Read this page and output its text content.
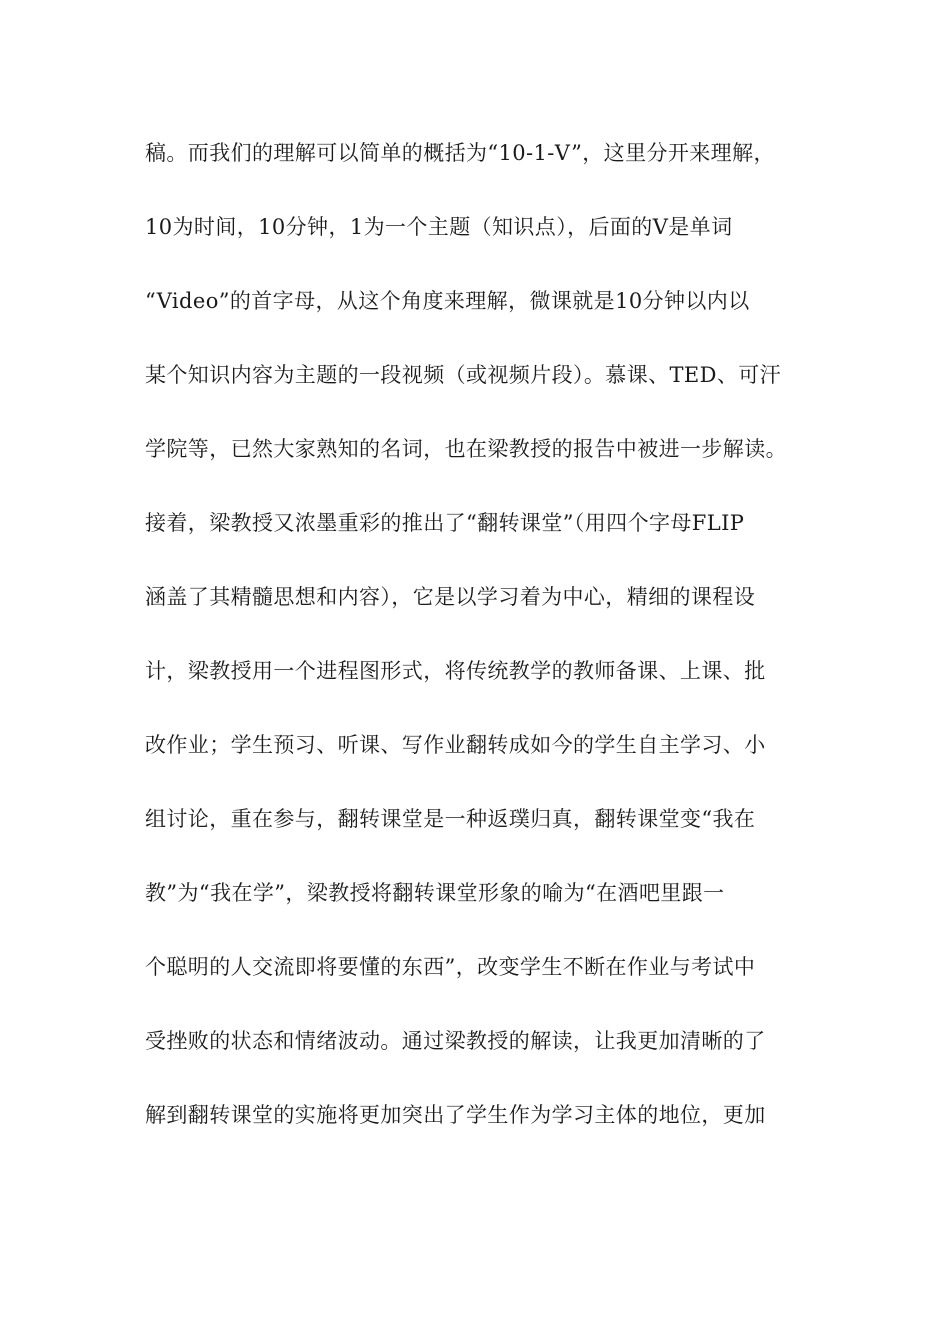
稿。而我们的理解可以简单的概括为“10-1-V”，这里分开来理解，
10为时间，10分钟，1为一个主题（知识点），后面的V是单词
“Video”的首字母，从这个角度来理解，微课就是10分钟以内以
某个知识内容为主题的一段视频（或视频片段）。慕课、TED、可汗
学院等，已然大家熟知的名词，也在梁教授的报告中被进一步解读。
接着，梁教授又浓墨重彩的推出了“翻转课堂”（用四个字母FLIP
涵盖了其精髓思想和内容），它是以学习着为中心，精细的课程设
计，梁教授用一个进程图形式，将传统教学的教师备课、上课、批
改作业；学生预习、听课、写作业翻转成如今的学生自主学习、小
组讨论，重在参与，翻转课堂是一种返璞归真，翻转课堂变“我在
教”为“我在学”，梁教授将翻转课堂形象的喻为“在酒吧里跟一
个聪明的人交流即将要懂的东西”，改变学生不断在作业与考试中
受挫败的状态和情绪波动。通过梁教授的解读，让我更加清晰的了
解到翻转课堂的实施将更加突出了学生作为学习主体的地位，更加
